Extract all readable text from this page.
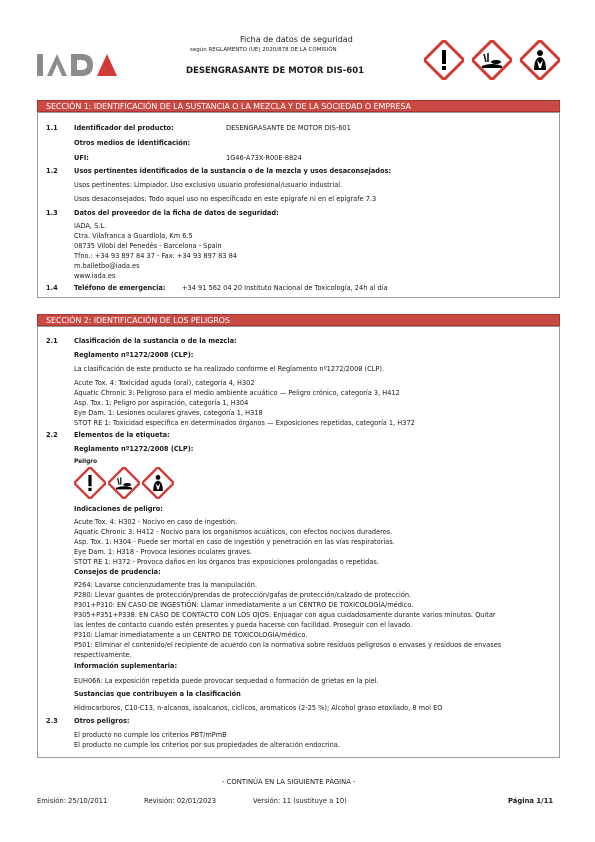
Ficha de datos de seguridad
según REGLAMENTO (UE) 2020/878 DE LA COMISIÓN
DESENGRASANTE DE MOTOR DIS-601
SECCIÓN 1: IDENTIFICACIÓN DE LA SUSTANCIA O LA MEZCLA Y DE LA SOCIEDAD O EMPRESA
1.1 Identificador del producto:	DESENGRASANTE DE MOTOR DIS-601
Otros medios de identificación:
UFI:	1G46-A73X-R00E-8824
1.2 Usos pertinentes identificados de la sustancia o de la mezcla y usos desaconsejados:
Usos pertinentes: Limpiador. Uso exclusivo usuario profesional/usuario industrial.
Usos desaconsejados: Todo aquel uso no especificado en este epígrafe ni en el epígrafe 7.3
1.3 Datos del proveedor de la ficha de datos de seguridad:
IADA, S.L.
Ctra. Vilafranca a Guardiola, Km 6.5
08735 Vilobí del Penedès - Barcelona - Spain
Tfno.: +34 93 897 84 37 - Fax: +34 93 897 83 84
m.balletbo@iada.es
www.iada.es
1.4 Teléfono de emergencia:	+34 91 562 04 20 Instituto Nacional de Toxicología, 24h al día
SECCIÓN 2: IDENTIFICACIÓN DE LOS PELIGROS
2.1 Clasificación de la sustancia o de la mezcla:
Reglamento nº1272/2008 (CLP):
La clasificación de este producto se ha realizado conforme el Reglamento nº1272/2008 (CLP).
Acute Tox. 4: Toxicidad aguda (oral), categoría 4, H302
Aquatic Chronic 3: Peligroso para el medio ambiente acuático — Peligro crónico, categoría 3, H412
Asp. Tox. 1: Peligro por aspiración, categoría 1, H304
Eye Dam. 1: Lesiones oculares graves, categoría 1, H318
STOT RE 1: Toxicidad específica en determinados órganos — Exposiciones repetidas, categoría 1, H372
2.2 Elementos de la etiqueta:
Reglamento nº1272/2008 (CLP):
Peligro
Indicaciones de peligro:
Acute Tox. 4: H302 - Nocivo en caso de ingestión.
Aquatic Chronic 3: H412 - Nocivo para los organismos acuáticos, con efectos nocivos duraderos.
Asp. Tox. 1: H304 - Puede ser mortal en caso de ingestión y penetración en las vías respiratorias.
Eye Dam. 1: H318 - Provoca lesiones oculares graves.
STOT RE 1: H372 - Provoca daños en los órganos tras exposiciones prolongadas o repetidas.
Consejos de prudencia:
P264: Lavarse concienzudamente tras la manipulación.
P280: Llevar guantes de protección/prendas de protección/gafas de protección/calzado de protección.
P301+P310: EN CASO DE INGESTIÓN: Llamar inmediatamente a un CENTRO DE TOXICOLOGÍA/médico.
P305+P351+P338: EN CASO DE CONTACTO CON LOS OJOS: Enjuagar con agua cuidadosamente durante varios minutos. Quitar
las lentes de contacto cuando estén presentes y pueda hacerse con facilidad. Proseguir con el lavado.
P310: Llamar inmediatamente a un CENTRO DE TOXICOLOGÍA/médico.
P501: Eliminar el contenido/el recipiente de acuerdo con la normativa sobre residuos peligrosos o envases y residuos de envases
respectivamente.
Información suplementaria:
EUH066: La exposición repetida puede provocar sequedad o formación de grietas en la piel.
Sustancias que contribuyen a la clasificación
Hidrocarburos, C10-C13, n-alcanos, isoalcanos, ciclicos, aromaticos (2-25 %); Alcohol graso etoxilado, 8 mol EO
2.3 Otros peligros:
El producto no cumple los criterios PBT/mPmB
El producto no cumple los criterios por sus propiedades de alteración endocrina.
- CONTINÚA EN LA SIGUIENTE PÁGINA -
Emisión: 25/10/2011	Revisión: 02/01/2023	Versión: 11 (sustituye a 10)	Página 1/11
